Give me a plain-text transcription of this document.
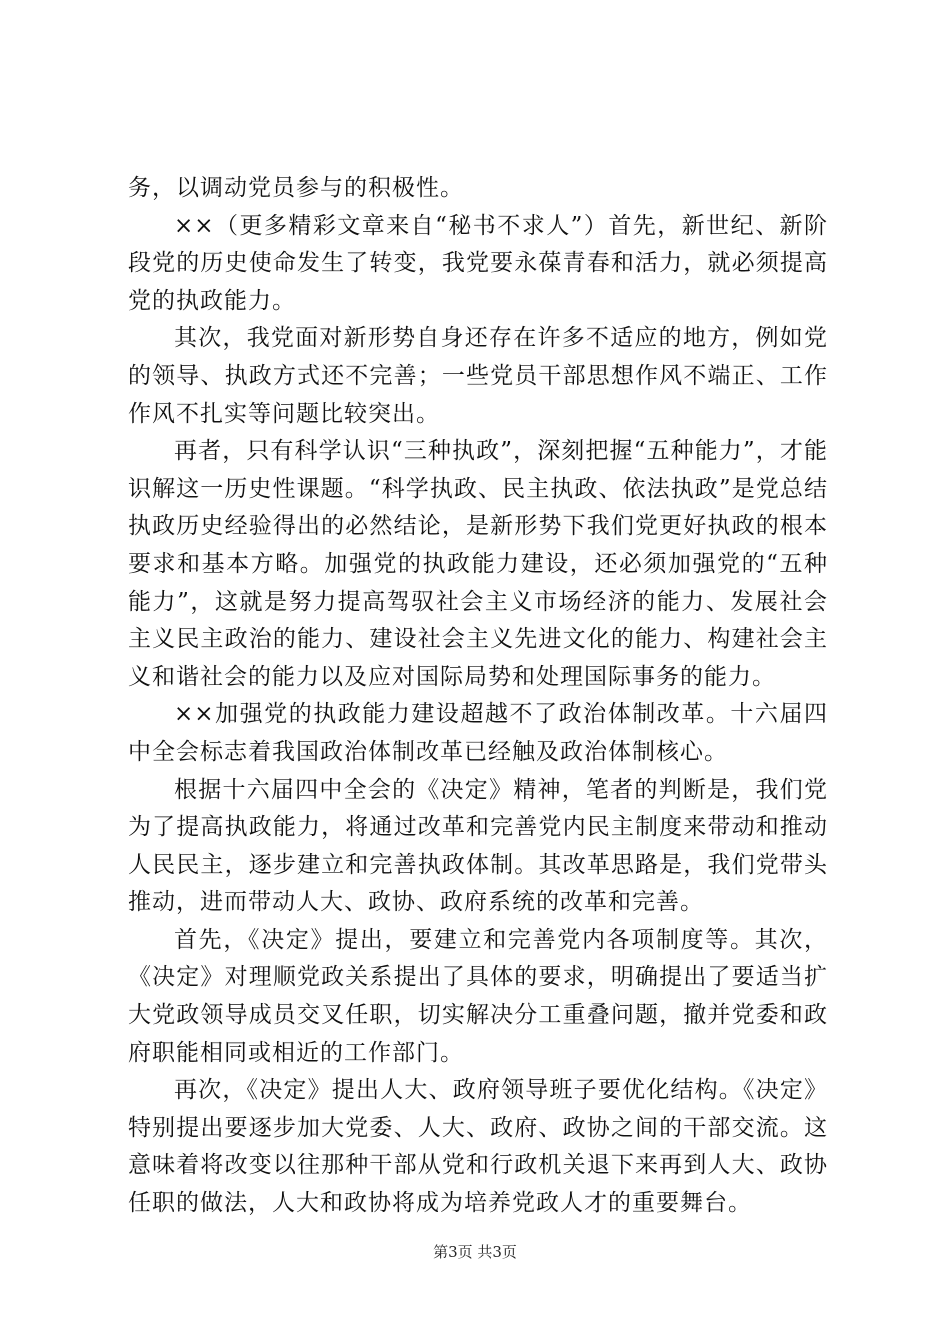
务，以调动党员参与的积极性。

××（更多精彩文章来自“秘书不求人”）首先，新世纪、新阶段党的历史使命发生了转变，我党要永葆青春和活力，就必须提高党的执政能力。

其次，我党面对新形势自身还存在许多不适应的地方，例如党的领导、执政方式还不完善；一些党员干部思想作风不端正、工作作风不扎实等问题比较突出。

再者，只有科学认识“三种执政”，深刻把握“五种能力”，才能识解这一历史性课题。“科学执政、民主执政、依法执政”是党总结执政历史经验得出的必然结论，是新形势下我们党更好执政的根本要求和基本方略。加强党的执政能力建设，还必须加强党的“五种能力”，这就是努力提高驾驭社会主义市场经济的能力、发展社会主义民主政治的能力、建设社会主义先进文化的能力、构建社会主义和谐社会的能力以及应对国际局势和处理国际事务的能力。

××加强党的执政能力建设超越不了政治体制改革。十六届四中全会标志着我国政治体制改革已经触及政治体制核心。

根据十六届四中全会的《决定》精神，笔者的判断是，我们党为了提高执政能力，将通过改革和完善党内民主制度来带动和推动人民民主，逐步建立和完善执政体制。其改革思路是，我们党带头推动，进而带动人大、政协、政府系统的改革和完善。

首先，《决定》提出，要建立和完善党内各项制度等。其次，《决定》对理顺党政关系提出了具体的要求，明确提出了要适当扩大党政领导成员交叉任职，切实解决分工重叠问题，撤并党委和政府职能相同或相近的工作部门。

再次，《决定》提出人大、政府领导班子要优化结构。《决定》特别提出要逐步加大党委、人大、政府、政协之间的干部交流。这意味着将改变以往那种干部从党和行政机关退下来再到人大、政协任职的做法，人大和政协将成为培养党政人才的重要舞台。

第3页 共3页
